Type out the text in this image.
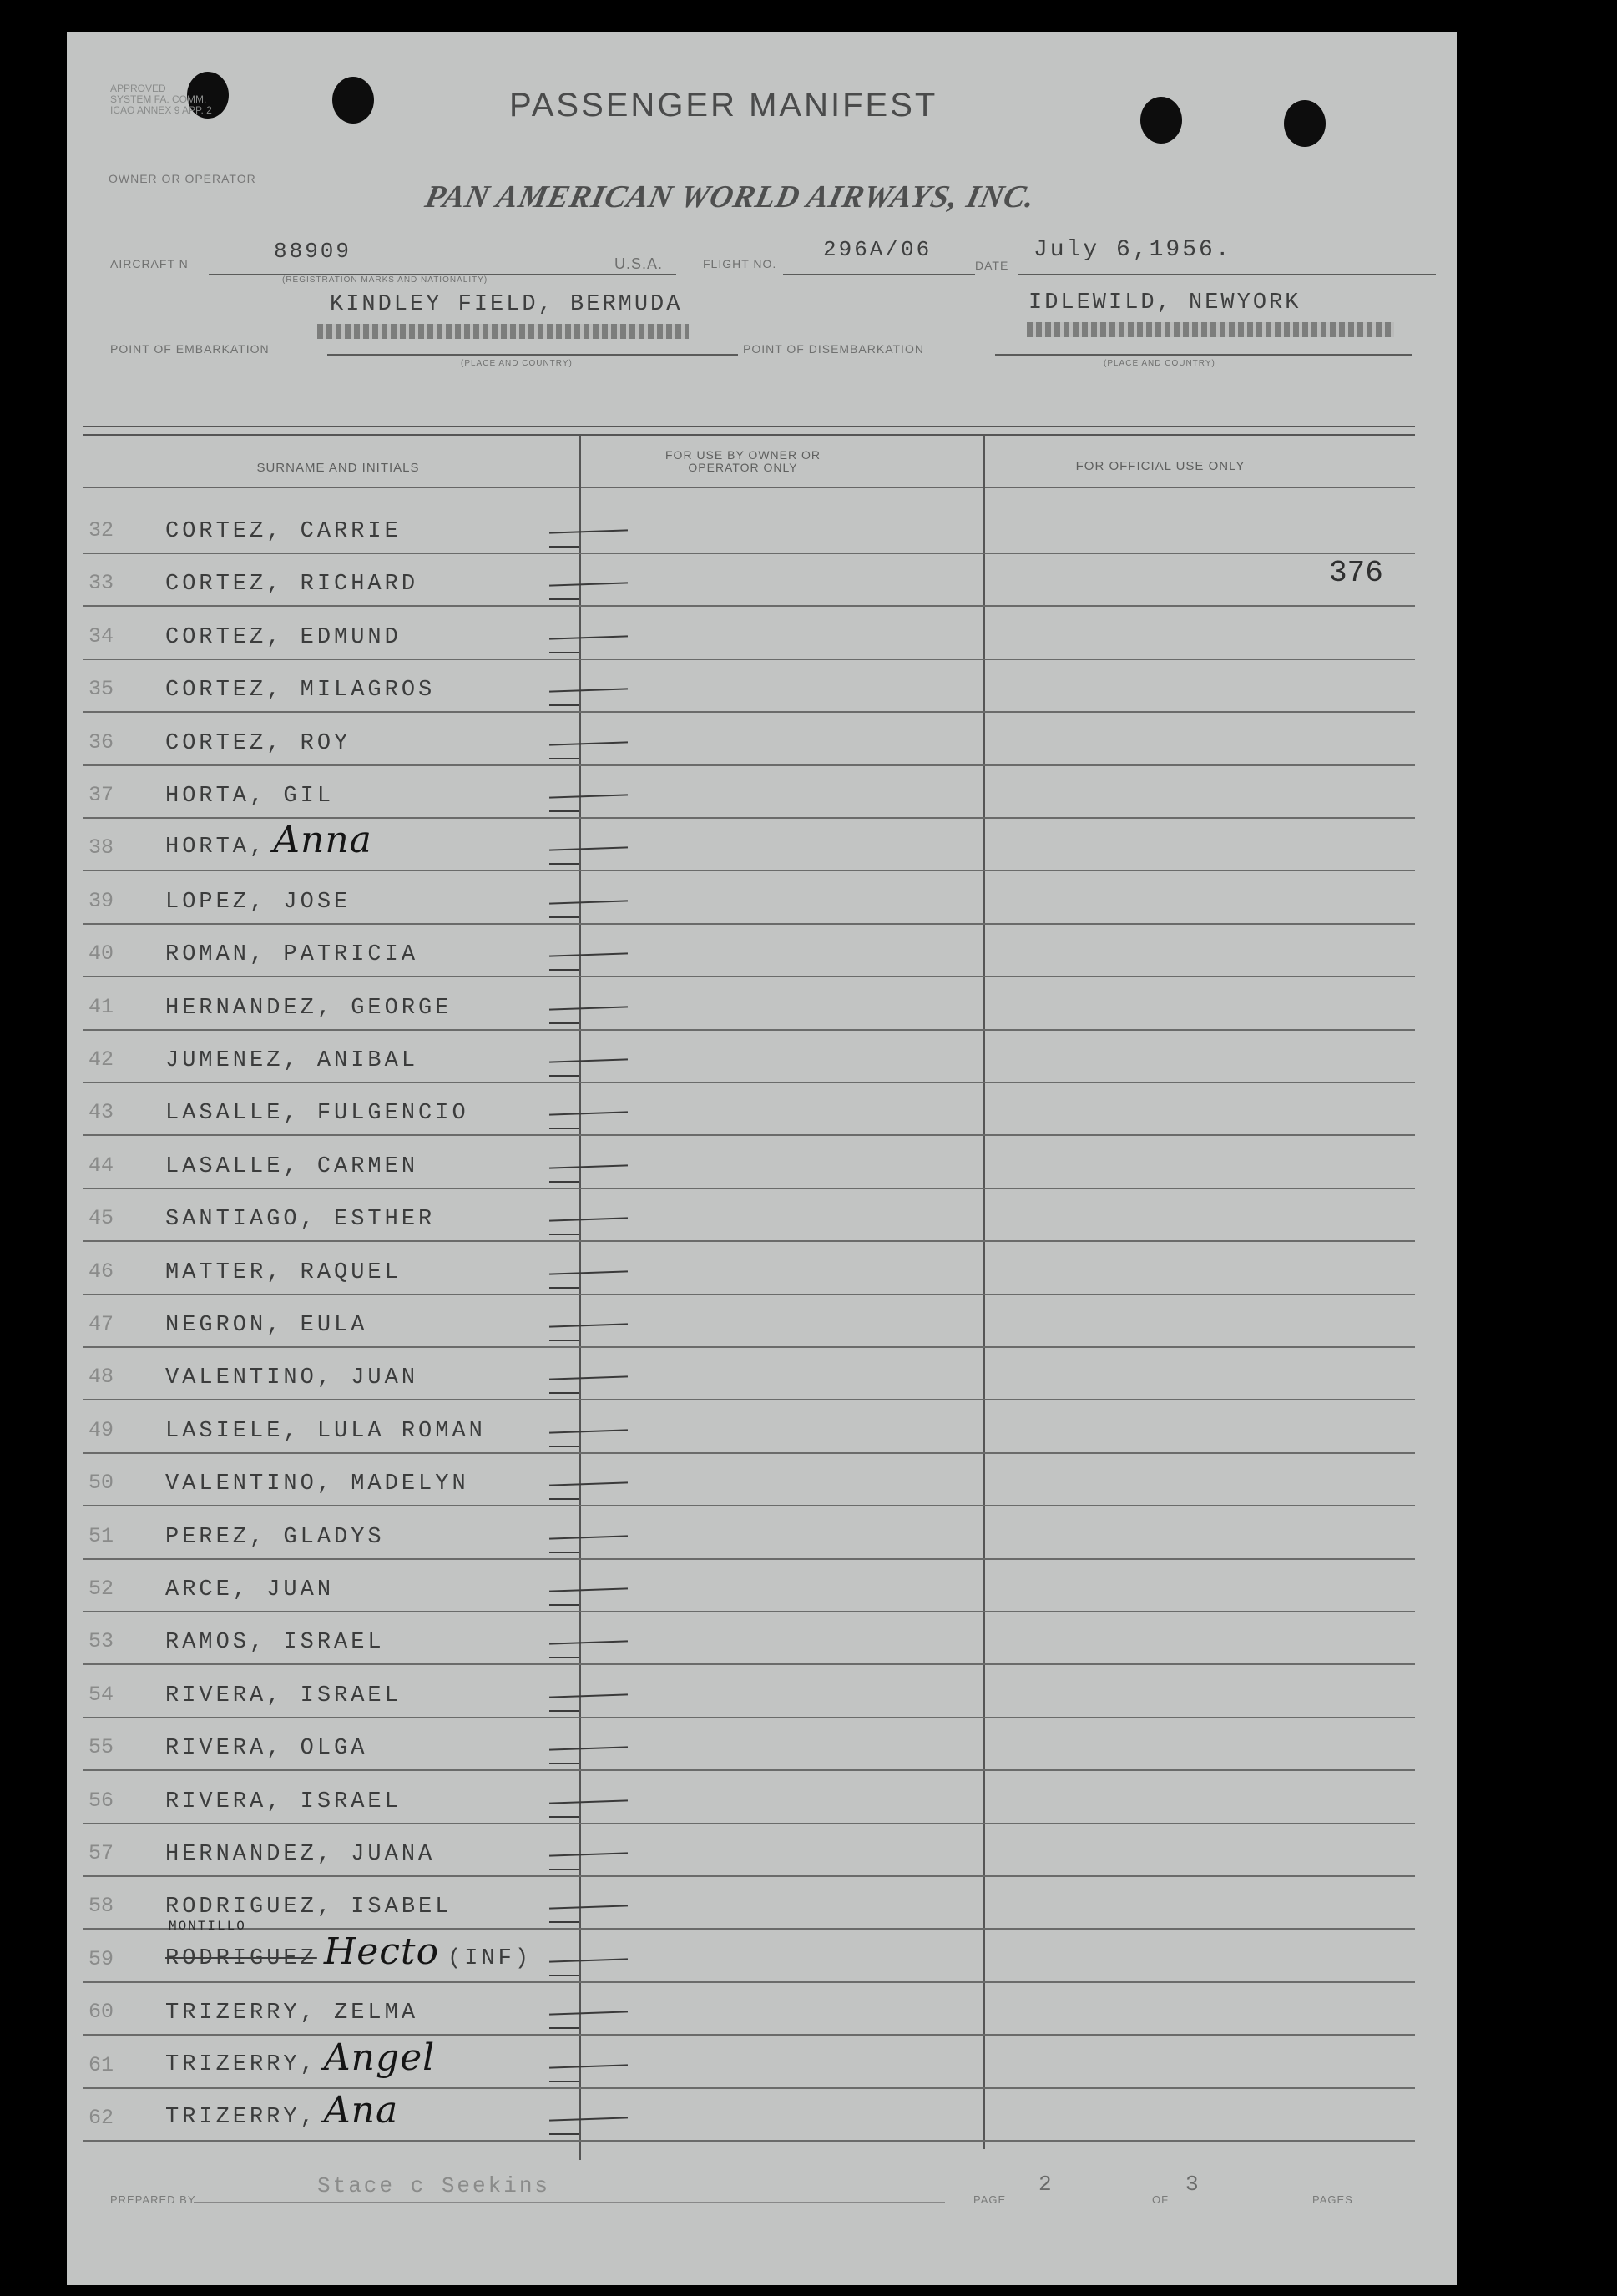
APPROVED
SYSTEM FA. COMM.
ICAO ANNEX 9 APP. 2	PASSENGER MANIFEST
OWNER OR OPERATOR
PAN AMERICAN WORLD AIRWAYS, INC.
AIRCRAFT N	88909
(REGISTRATION MARKS AND NATIONALITY)
U.S.A.	FLIGHT NO.
296A/06
DATE
July 6,1956.
KINDLEY FIELD, BERMUDA
POINT OF EMBARKATION
(PLACE AND COUNTRY)
IDLEWILD, NEWYORK
POINT OF DISEMBARKATION
(PLACE AND COUNTRY)
SURNAME AND INITIALS
FOR USE BY OWNER OR OPERATOR ONLY	FOR OFFICIAL USE ONLY
32 CORTEZ, CARRIE
33 CORTEZ, RICHARD	376
34 CORTEZ, EDMUND
35 CORTEZ, MILAGROS
36 CORTEZ, ROY
37 HORTA, GIL
38 HORTA, Anna
39 LOPEZ, JOSE
40 ROMAN, PATRICIA
41 HERNANDEZ, GEORGE
42 JUMENEZ, ANIBAL
43 LASALLE, FULGENCIO
44 LASALLE, CARMEN
45 SANTIAGO, ESTHER
46 MATTER, RAQUEL
47 NEGRON, EULA
48 VALENTINO, JUAN
49 LASIELE, LULA ROMAN
50 VALENTINO, MADELYN
51 PEREZ, GLADYS
52 ARCE, JUAN
53 RAMOS, ISRAEL
54 RIVERA, ISRAEL
55 RIVERA, OLGA
56 RIVERA, ISRAEL
57 HERNANDEZ, JUANA
58 RODRIGUEZ, ISABEL
59 RODRIGUEZ Hecto (INF)
MONTILLO
60 TRIZERRY, ZELMA
61 TRIZERRY, Angel
62 TRIZERRY, Ana
PREPARED BY
Stace c Seekins
PAGE
2
OF
3
PAGES
